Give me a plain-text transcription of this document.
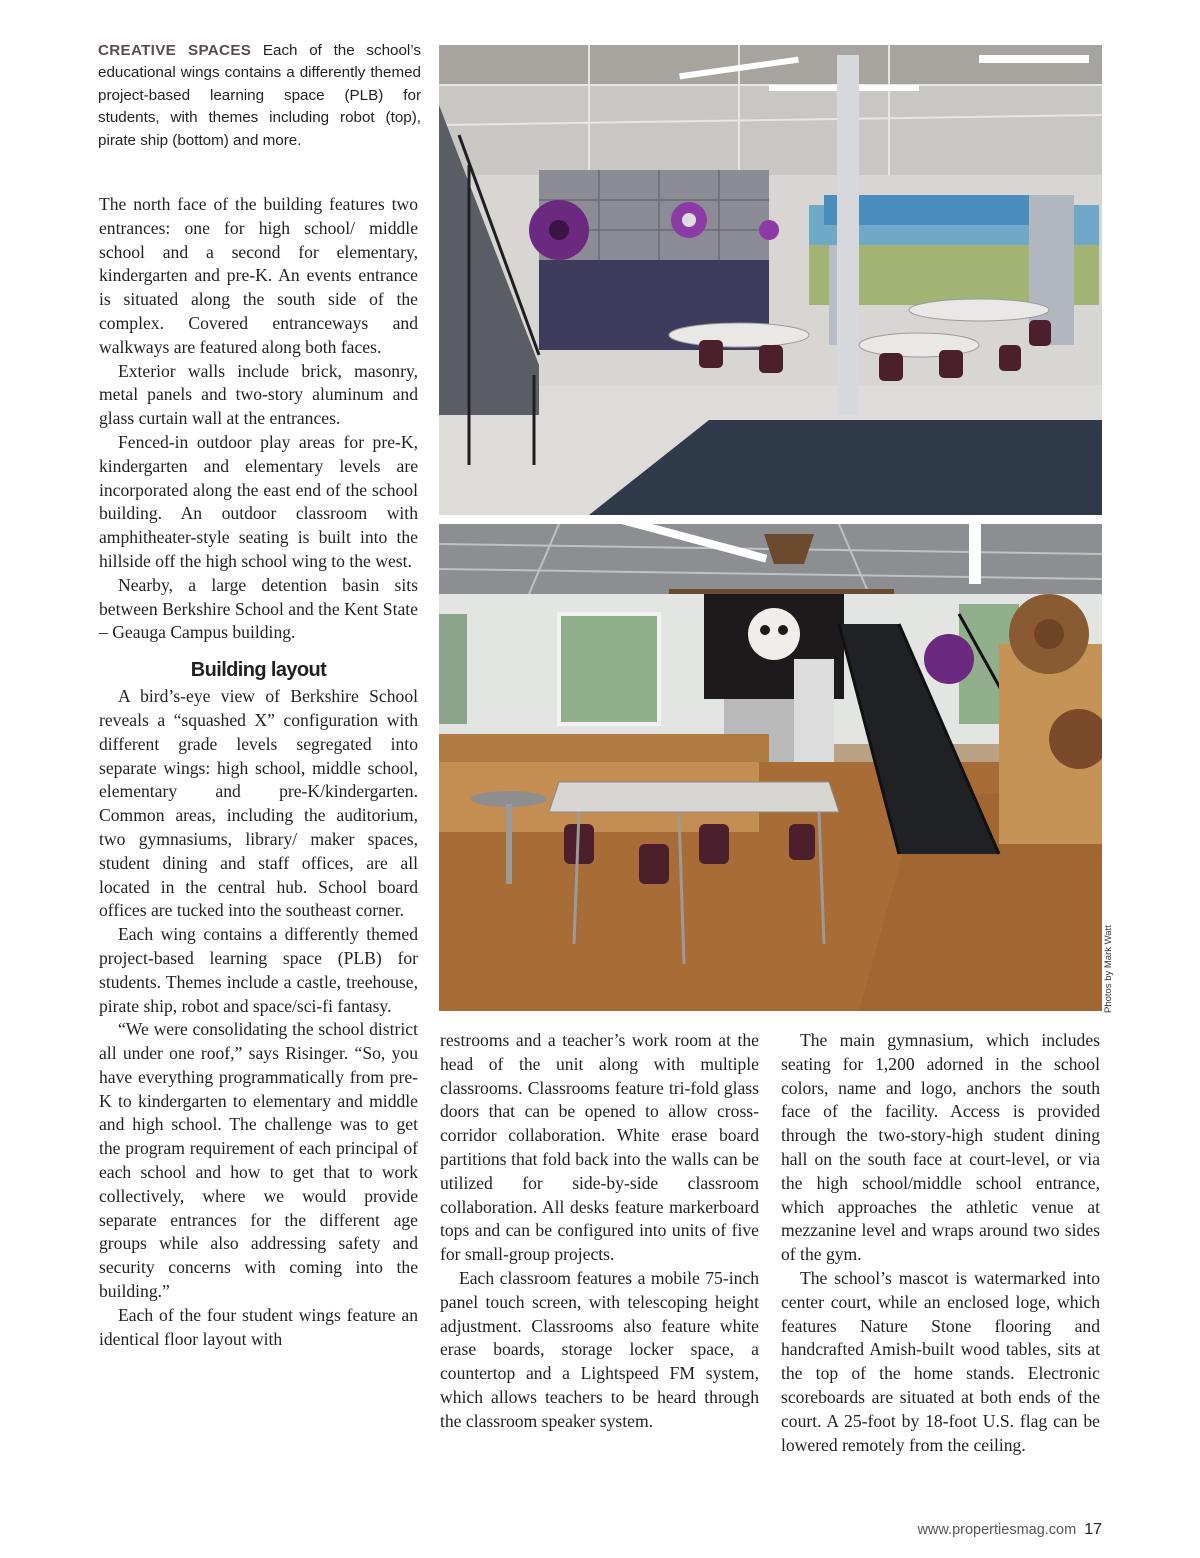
CREATIVE SPACES Each of the school’s educational wings contains a differently themed project-based learning space (PLB) for students, with themes including robot (top), pirate ship (bottom) and more.

The north face of the building features two entrances: one for high school/ middle school and a second for elementary, kindergarten and pre-K. An events entrance is situated along the south side of the complex. Covered entranceways and walkways are featured along both faces.

Exterior walls include brick, masonry, metal panels and two-story aluminum and glass curtain wall at the entrances.

Fenced-in outdoor play areas for pre-K, kindergarten and elementary levels are incorporated along the east end of the school building. An outdoor classroom with amphitheater-style seating is built into the hillside off the high school wing to the west.

Nearby, a large detention basin sits between Berkshire School and the Kent State – Geauga Campus building.

Building layout

A bird’s-eye view of Berkshire School reveals a “squashed X” configuration with different grade levels segregated into separate wings: high school, middle school, elementary and pre-K/kindergarten. Common areas, including the auditorium, two gymnasiums, library/ maker spaces, student dining and staff offices, are all located in the central hub. School board offices are tucked into the southeast corner.

Each wing contains a differently themed project-based learning space (PLB) for students. Themes include a castle, treehouse, pirate ship, robot and space/sci-fi fantasy.

“We were consolidating the school district all under one roof,” says Risinger. “So, you have everything programmatically from pre-K to kindergarten to elementary and middle and high school. The challenge was to get the program requirement of each principal of each school and how to get that to work collectively, where we would provide separate entrances for the different age groups while also addressing safety and security concerns with coming into the building.”

Each of the four student wings feature an identical floor layout with

Photos by Mark Watt

restrooms and a teacher’s work room at the head of the unit along with multiple classrooms. Classrooms feature tri-fold glass doors that can be opened to allow cross-corridor collaboration. White erase board partitions that fold back into the walls can be utilized for side-by-side classroom collaboration. All desks feature markerboard tops and can be configured into units of five for small-group projects.

Each classroom features a mobile 75-inch panel touch screen, with telescoping height adjustment. Classrooms also feature white erase boards, storage locker space, a countertop and a Lightspeed FM system, which allows teachers to be heard through the classroom speaker system.

The main gymnasium, which includes seating for 1,200 adorned in the school colors, name and logo, anchors the south face of the facility. Access is provided through the two-story-high student dining hall on the south face at court-level, or via the high school/middle school entrance, which approaches the athletic venue at mezzanine level and wraps around two sides of the gym.

The school’s mascot is watermarked into center court, while an enclosed loge, which features Nature Stone flooring and handcrafted Amish-built wood tables, sits at the top of the home stands. Electronic scoreboards are situated at both ends of the court. A 25-foot by 18-foot U.S. flag can be lowered remotely from the ceiling.

www.propertiesmag.com 17
